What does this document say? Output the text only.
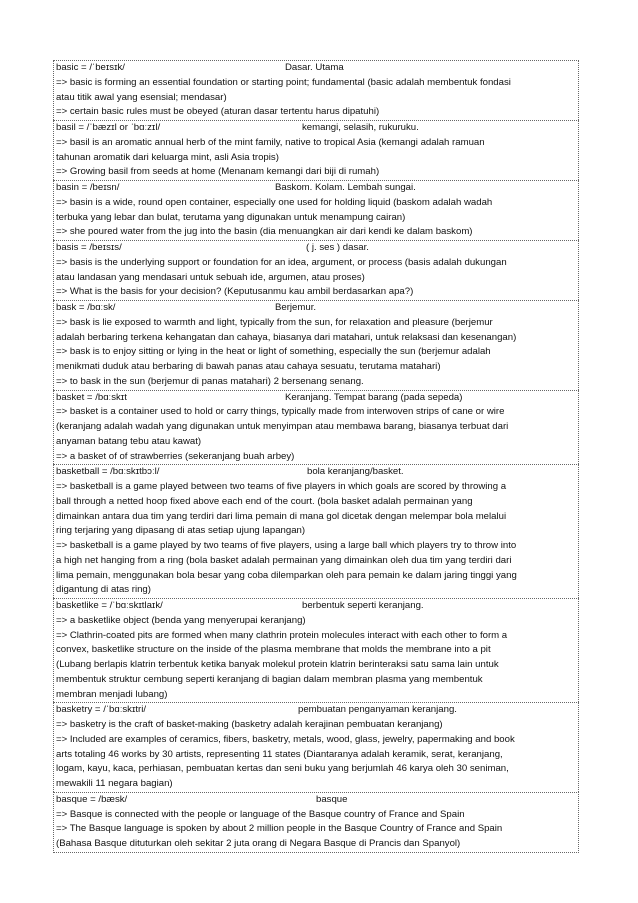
basic = /ˈbeɪsɪk/	Dasar. Utama
=> basic is forming an essential foundation or starting point; fundamental (basic adalah membentuk fondasi
atau titik awal yang esensial; mendasar)
=> certain basic rules must be obeyed (aturan dasar tertentu harus dipatuhi)
basil = /ˈbæzɪl or ˈbɑːzɪl/	kemangi, selasih, rukuruku.
=> basil is an aromatic annual herb of the mint family, native to tropical Asia (kemangi adalah ramuan
tahunan aromatik dari keluarga mint, asli Asia tropis)
=> Growing basil from seeds at home (Menanam kemangi dari biji di rumah)
basin = /beɪsn/	Baskom. Kolam. Lembah sungai.
=> basin is a wide, round open container, especially one used for holding liquid (baskom adalah wadah
terbuka yang lebar dan bulat, terutama yang digunakan untuk menampung cairan)
=> she poured water from the jug into the basin (dia menuangkan air dari kendi ke dalam baskom)
basis = /beɪsɪs/	( j. ses ) dasar.
=> basis is the underlying support or foundation for an idea, argument, or process (basis adalah dukungan
atau landasan yang mendasari untuk sebuah ide, argumen, atau proses)
=> What is the basis for your decision? (Keputusanmu kau ambil berdasarkan apa?)
bask = /bɑːsk/	Berjemur.
=> bask is lie exposed to warmth and light, typically from the sun, for relaxation and pleasure (berjemur
adalah berbaring terkena kehangatan dan cahaya, biasanya dari matahari, untuk relaksasi dan kesenangan)
=> bask is to enjoy sitting or lying in the heat or light of something, especially the sun (berjemur adalah
menikmati duduk atau berbaring di bawah panas atau cahaya sesuatu, terutama matahari)
=> to bask in the sun (berjemur di panas matahari) 2 bersenang senang.
basket = /bɑːskɪt	Keranjang. Tempat barang (pada sepeda)
=> basket is a container used to hold or carry things, typically made from interwoven strips of cane or wire
(keranjang adalah wadah yang digunakan untuk menyimpan atau membawa barang, biasanya terbuat dari
anyaman batang tebu atau kawat)
=> a basket of of strawberries (sekeranjang buah arbey)
basketball = /bɑːskɪtbɔːl/	bola keranjang/basket.
=> basketball is a game played between two teams of five players in which goals are scored by throwing a
ball through a netted hoop fixed above each end of the court. (bola basket adalah permainan yang
dimainkan antara dua tim yang terdiri dari lima pemain di mana gol dicetak dengan melempar bola melalui
ring terjaring yang dipasang di atas setiap ujung lapangan)
=> basketball is a game played by two teams of five players, using a large ball which players try to throw into
a high net hanging from a ring (bola basket adalah permainan yang dimainkan oleh dua tim yang terdiri dari
lima pemain, menggunakan bola besar yang coba dilemparkan oleh para pemain ke dalam jaring tinggi yang
digantung di atas ring)
basketlike = /ˈbɑːskɪtlaɪk/	berbentuk seperti keranjang.
=> a basketlike object (benda yang menyerupai keranjang)
=> Clathrin-coated pits are formed when many clathrin protein molecules interact with each other to form a
convex, basketlike structure on the inside of the plasma membrane that molds the membrane into a pit
(Lubang berlapis klatrin terbentuk ketika banyak molekul protein klatrin berinteraksi satu sama lain untuk
membentuk struktur cembung seperti keranjang di bagian dalam membran plasma yang membentuk
membran menjadi lubang)
basketry = /ˈbɑːskɪtri/	pembuatan penganyaman keranjang.
=> basketry is the craft of basket-making (basketry adalah kerajinan pembuatan keranjang)
=> Included are examples of ceramics, fibers, basketry, metals, wood, glass, jewelry, papermaking and book
arts totaling 46 works by 30 artists, representing 11 states (Diantaranya adalah keramik, serat, keranjang,
logam, kayu, kaca, perhiasan, pembuatan kertas dan seni buku yang berjumlah 46 karya oleh 30 seniman,
mewakili 11 negara bagian)
basque = /bæsk/	basque
=> Basque is connected with the people or language of the Basque country of France and Spain
=> The Basque language is spoken by about 2 million people in the Basque Country of France and Spain
(Bahasa Basque dituturkan oleh sekitar 2 juta orang di Negara Basque di Prancis dan Spanyol)
